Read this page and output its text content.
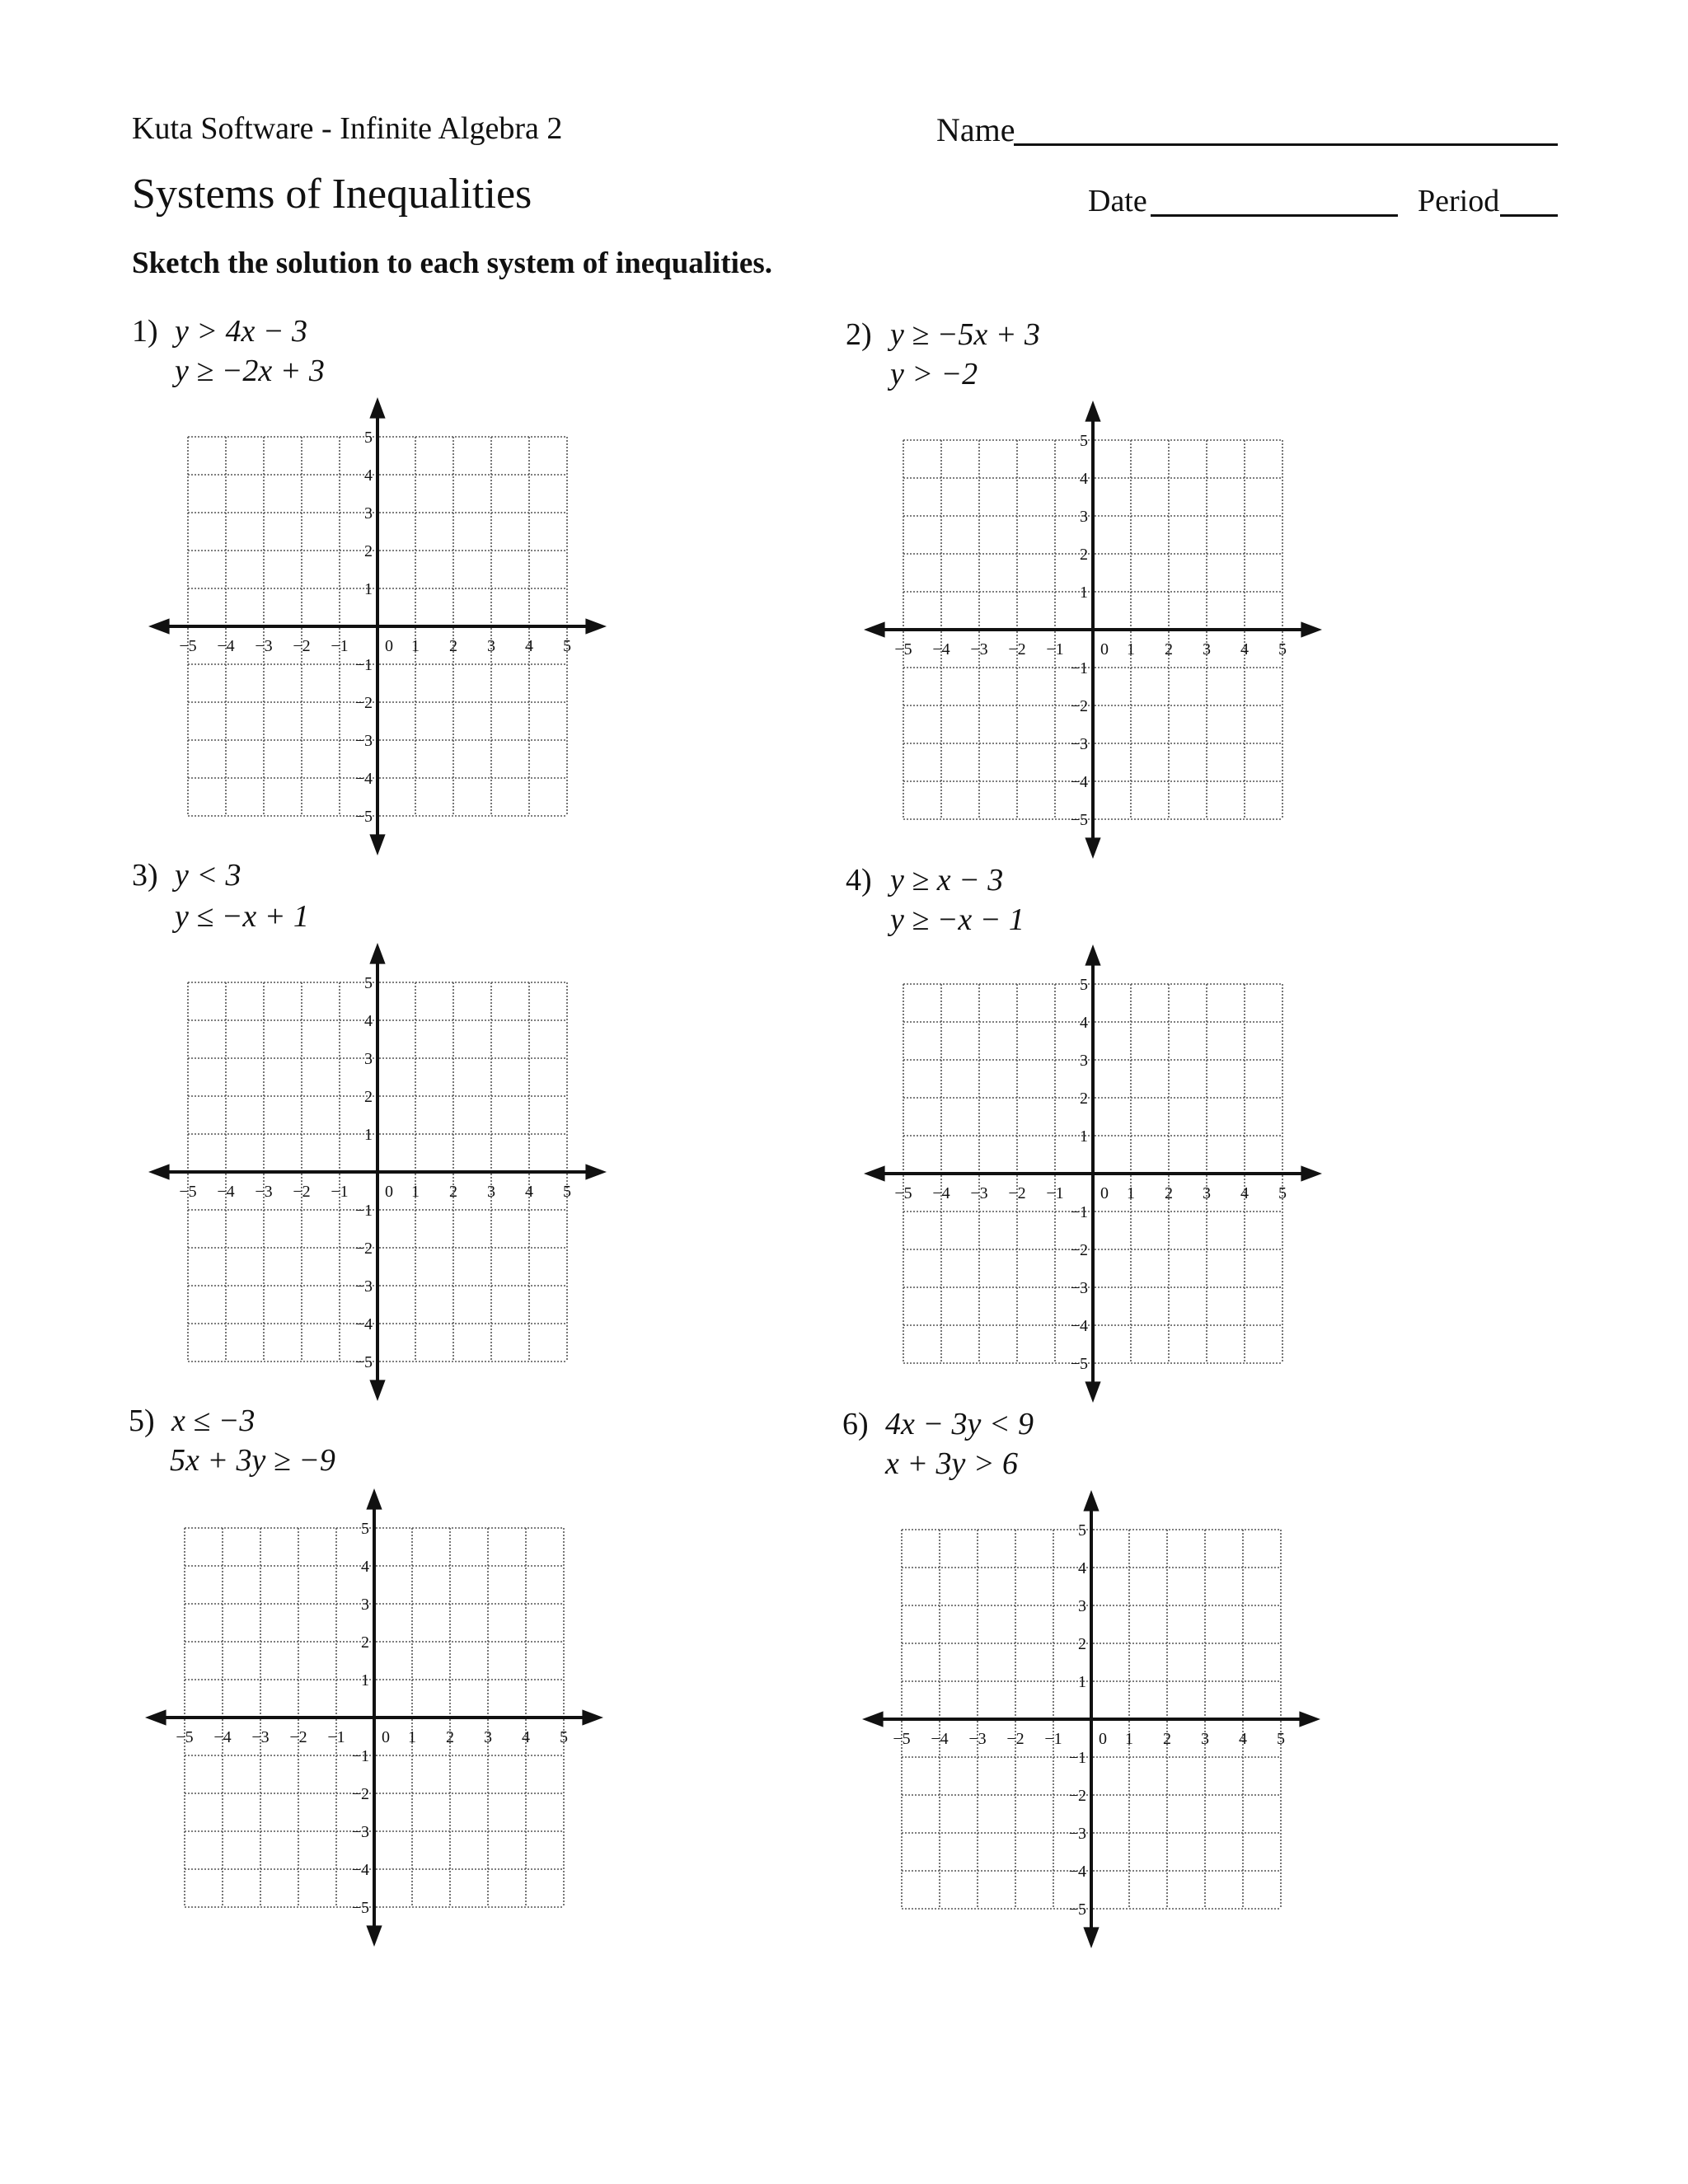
Kuta Software - Infinite Algebra 2
Systems of Inequalities
Name
Date	Period
Sketch the solution to each system of inequalities.
1) y > 4x − 3
y ≥ −2x + 3
2) y ≥ −5x + 3
y > −2
3) y < 3
y ≤ −x + 1
4) y ≥ x − 3
y ≥ −x − 1
5) x ≤ −3
5x + 3y ≥ −9
6) 4x − 3y < 9
x + 3y > 6
−5 −4 −3 −2 −1 0 1 2 3 4 5
5
4
3
2
1
−1
−2
−3
−4
−5
−5 −4 −3 −2 −1 0 1 2 3 4 5
5
4
3
2
1
−1
−2
−3
−4
−5
−5 −4 −3 −2 −1 0 1 2 3 4 5
5
4
3
2
1
−1
−2
−3
−4
−5
−5 −4 −3 −2 −1 0 1 2 3 4 5
5
4
3
2
1
−1
−2
−3
−4
−5
−5 −4 −3 −2 −1 0 1 2 3 4 5
5
4
3
2
1
−1
−2
−3
−4
−5
−5 −4 −3 −2 −1 0 1 2 3 4 5
5
4
3
2
1
−1
−2
−3
−4
−5
